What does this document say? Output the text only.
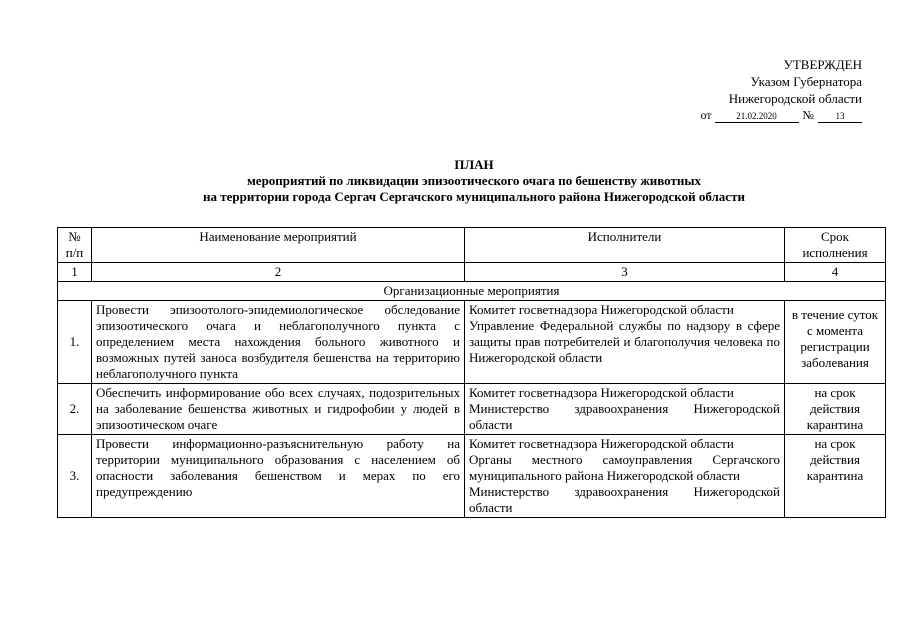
УТВЕРЖДЕН
Указом Губернатора
Нижегородской области
от	21.02.2020 № 13
ПЛАН
мероприятий по ликвидации эпизоотического очага по бешенству животных
на территории города Сергач Сергачского муниципального района Нижегородской области
№ п/п	Наименование мероприятий	Исполнители	Срок исполнения
1	2	3	4
Организационные мероприятия			
1.	Провести эпизоотолого-эпидемиологическое обследование эпизоотического очага и неблагополучного пункта с определением места нахождения больного животного и возможных путей заноса возбудителя бешенства на территорию неблагополучного пункта	Комитет госветнадзора Нижегородской области
Управление Федеральной службы по надзору в сфере защиты прав потребителей и благополучия человека по Нижегородской области	в течение суток с момента регистрации заболевания
2.	Обеспечить информирование обо всех случаях, подозрительных на заболевание бешенства животных и гидрофобии у людей в эпизоотическом очаге	Комитет госветнадзора Нижегородской области
Министерство здравоохранения Нижегородской области	на срок действия карантина
3.	Провести информационно-разъяснительную работу на территории муниципального образования с населением об опасности заболевания бешенством и мерах по его предупреждению	Комитет госветнадзора Нижегородской области
Органы местного самоуправления Сергачского муниципального района Нижегородской области
Министерство здравоохранения Нижегородской области	на срок действия карантина
